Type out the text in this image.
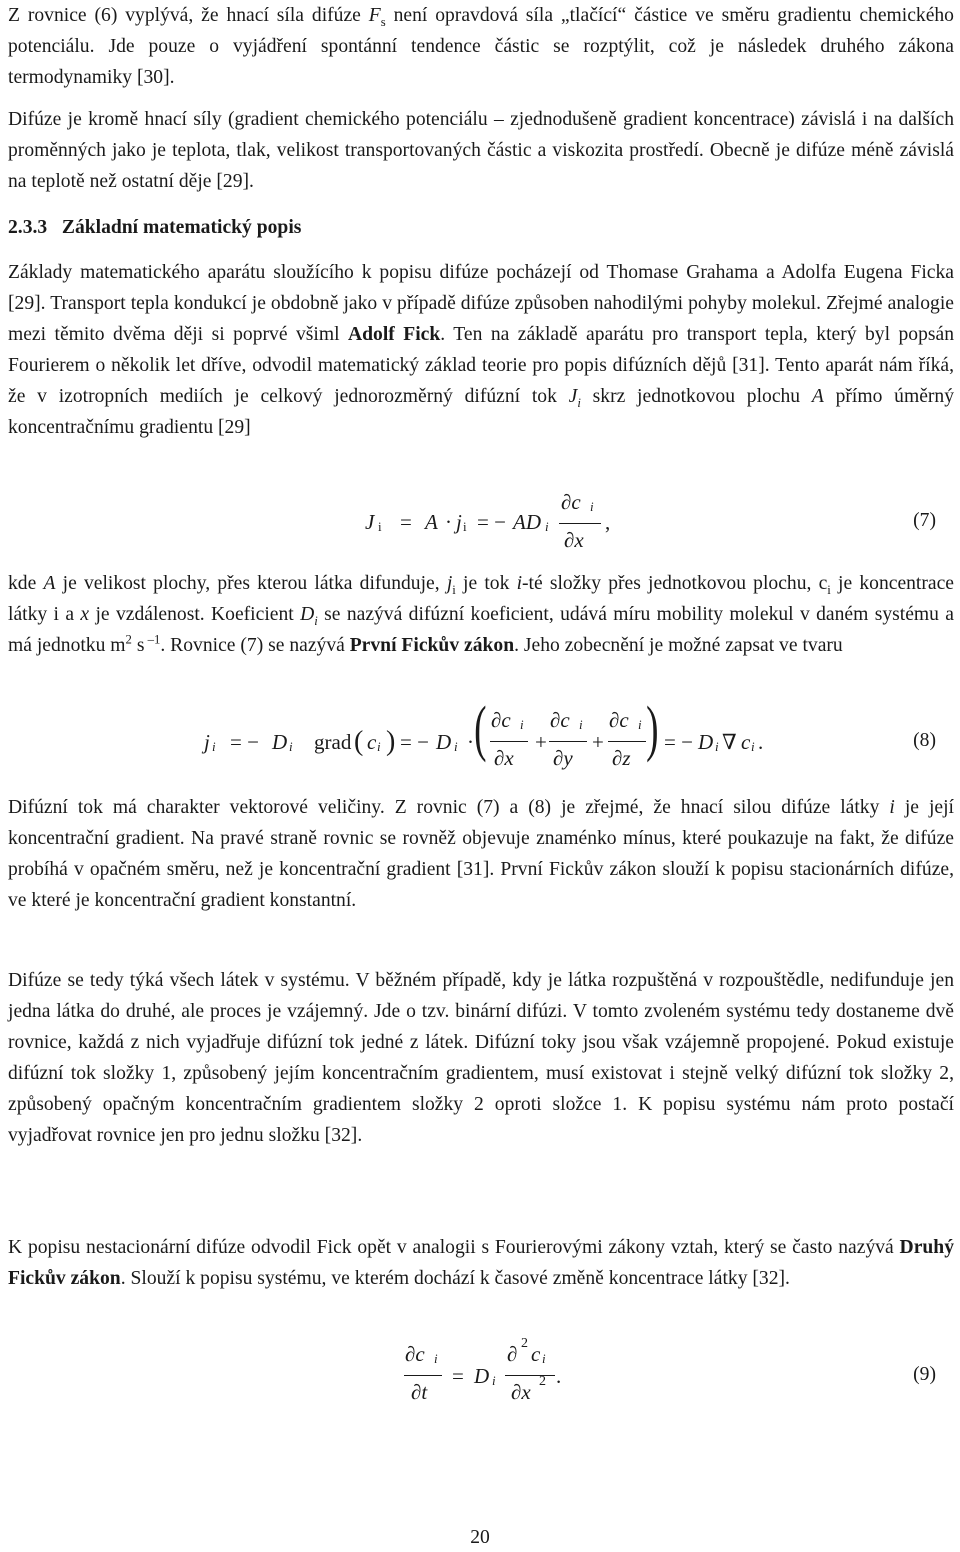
Z rovnice (6) vyplývá, že hnací síla difúze $F_s$ není opravdová síla „tlačící“ částice ve směru gradientu chemického potenciálu. Jde pouze o vyjádření spontánní tendence částic se rozptýlit, což je následek druhého zákona termodynamiky [30].

Difúze je kromě hnací síly (gradient chemického potenciálu – zjednodušeně gradient koncentrace) závislá i na dalších proměnných jako je teplota, tlak, velikost transportovaných částic a viskozita prostředí. Obecně je difúze méně závislá na teplotě než ostatní děje [29].

2.3.3   Základní matematický popis

Základy matematického aparátu sloužícího k popisu difúze pocházejí od Thomase Grahama a Adolfa Eugena Ficka [29]. Transport tepla kondukcí je obdobně jako v případě difúze způsoben nahodilými pohyby molekul. Zřejmé analogie mezi těmito dvěma ději si poprvé všiml Adolf Fick. Ten na základě aparátu pro transport tepla, který byl popsán Fourierem o několik let dříve, odvodil matematický základ teorie pro popis difúzních dějů [31]. Tento aparát nám říká, že v izotropních mediích je celkový jednorozměrný difúzní tok $J_i$ skrz jednotkovou plochu A přímo úměrný koncentračnímu gradientu [29]

J i = A · j i = − AD i
∂c i
∂x
,	(7)

kde A je velikost plochy, přes kterou látka difunduje, $j_i$ je tok i-té složky přes jednotkovou plochu, $c_i$ je koncentrace látky i a x je vzdálenost. Koeficient $D_i$ se nazývá difúzní koeficient, udává míru mobility molekul v daném systému a má jednotku $m^2$ s $^{-1}$. Rovnice (7) se nazývá První Fickův zákon. Jeho zobecnění je možné zapsat ve tvaru

j i = − D i grad ( c i ) = − D i · ( ∂c i
∂x
+
∂c i
∂y
+
∂c i
∂z ) = − D i ∇ c i .	(8)

Difúzní tok má charakter vektorové veličiny. Z rovnic (7) a (8) je zřejmé, že hnací silou difúze látky i je její koncentrační gradient. Na pravé straně rovnic se rovněž objevuje znaménko mínus, které poukazuje na fakt, že difúze probíhá v opačném směru, než je koncentrační gradient [31]. První Fickův zákon slouží k popisu stacionárních difúze, ve které je koncentrační gradient konstantní.

Difúze se tedy týká všech látek v systému. V běžném případě, kdy je látka rozpuštěná v rozpouštědle, nedifunduje jen jedna látka do druhé, ale proces je vzájemný. Jde o tzv. binární difúzi. V tomto zvoleném systému tedy dostaneme dvě rovnice, každá z nich vyjadřuje difúzní tok jedné z látek. Difúzní toky jsou však vzájemně propojené. Pokud existuje difúzní tok složky 1, způsobený jejím koncentračním gradientem, musí existovat i stejně velký difúzní tok složky 2, způsobený opačným koncentračním gradientem složky 2 oproti složce 1. K popisu systému nám proto postačí vyjadřovat rovnice jen pro jednu složku [32].

K popisu nestacionární difúze odvodil Fick opět v analogii s Fourierovými zákony vztah, který se často nazývá Druhý Fickův zákon. Slouží k popisu systému, ve kterém dochází k časové změně koncentrace látky [32].

∂c i
∂t
= D i
∂ 2 c i
∂x 2 .	(9)
20
